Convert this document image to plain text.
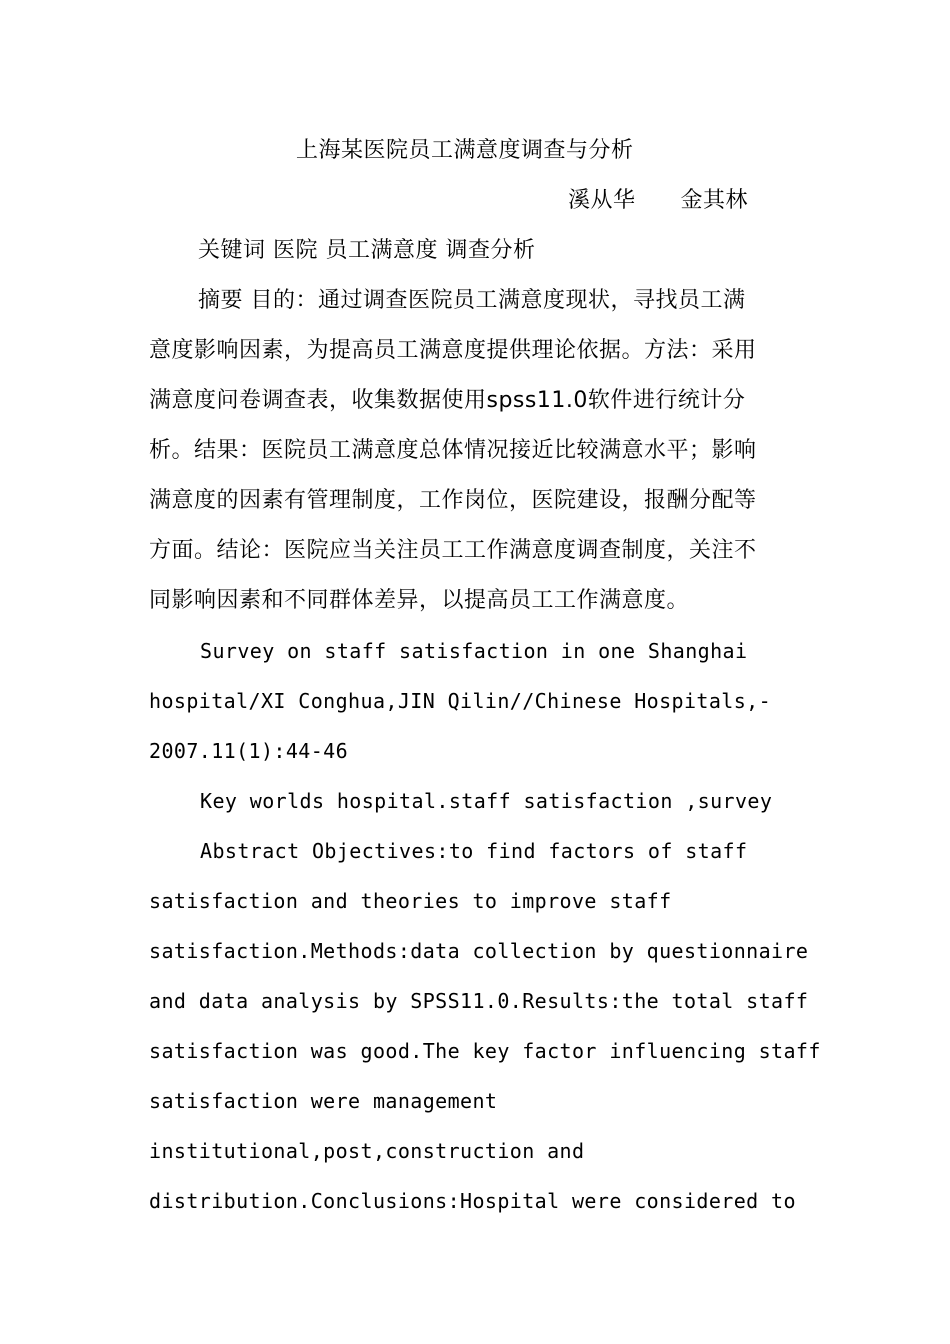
上海某医院员工满意度调查与分析
溪从华　　金其林
关键词 医院 员工满意度 调查分析
摘要 目的：通过调查医院员工满意度现状，寻找员工满
意度影响因素，为提高员工满意度提供理论依据。方法：采用
满意度问卷调查表，收集数据使用spss11.0软件进行统计分
析。结果：医院员工满意度总体情况接近比较满意水平；影响
满意度的因素有管理制度，工作岗位，医院建设，报酬分配等
方面。结论：医院应当关注员工工作满意度调查制度，关注不
同影响因素和不同群体差异，以提高员工工作满意度。
Survey on staff satisfaction in one Shanghai
hospital/XI Conghua,JIN Qilin//Chinese Hospitals,-
2007.11(1):44-46
Key worlds hospital.staff satisfaction ,survey
Abstract Objectives:to find factors of staff
satisfaction and theories to improve staff
satisfaction.Methods:data collection by questionnaire
and data analysis by SPSS11.0.Results:the total staff
satisfaction was good.The key factor influencing staff
satisfaction were management
institutional,post,construction and
distribution.Conclusions:Hospital were considered to
